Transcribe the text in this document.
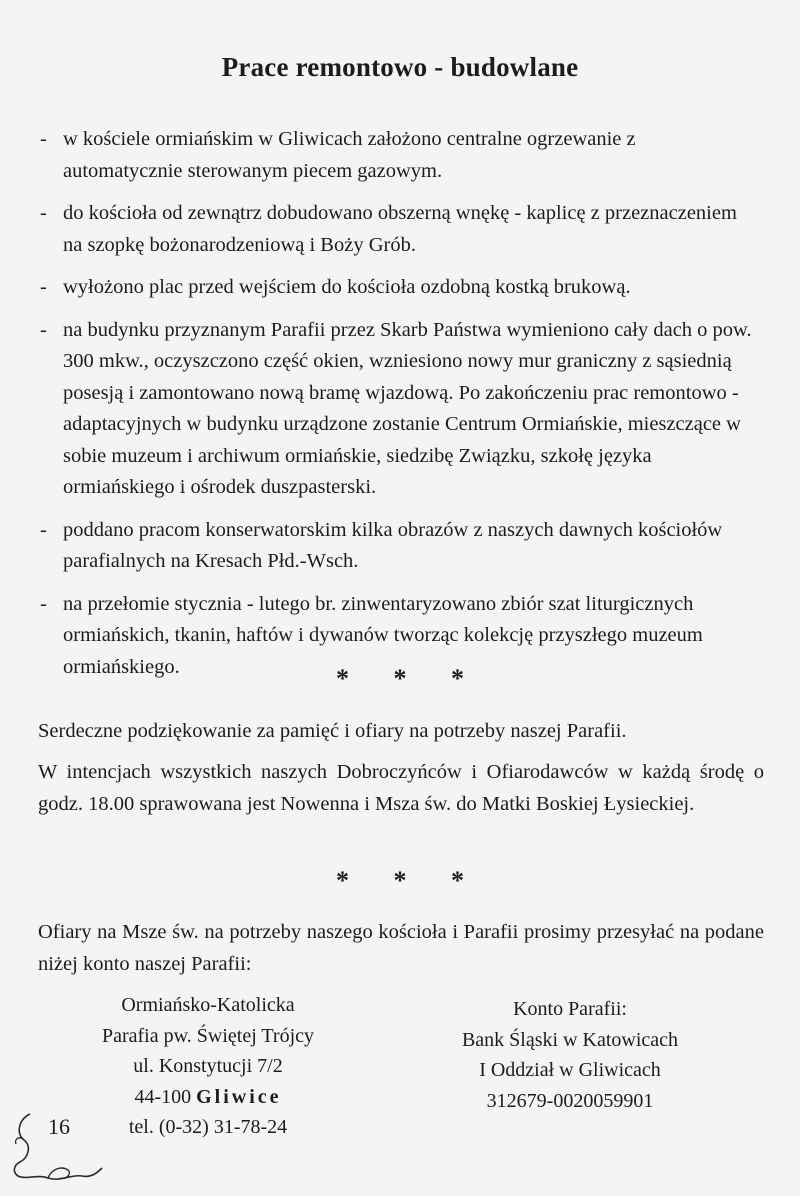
Prace remontowo - budowlane
- w kościele ormiańskim w Gliwicach założono centralne ogrzewanie z automatycznie sterowanym piecem gazowym.
- do kościoła od zewnątrz dobudowano obszerną wnękę - kaplicę z przeznaczeniem na szopkę bożonarodzeniową i Boży Grób.
- wyłożono plac przed wejściem do kościoła ozdobną kostką brukową.
- na budynku przyznanym Parafii przez Skarb Państwa wymieniono cały dach o pow. 300 mkw., oczyszczono część okien, wzniesiono nowy mur graniczny z sąsiednią posesją i zamontowano nową bramę wjazdową. Po zakończeniu prac remontowo - adaptacyjnych w budynku urządzone zostanie Centrum Ormiańskie, mieszczące w sobie muzeum i archiwum ormiańskie, siedzibę Związku, szkołę języka ormiańskiego i ośrodek duszpasterski.
- poddano pracom konserwatorskim kilka obrazów z naszych dawnych kościołów parafialnych na Kresach Płd.-Wsch.
- na przełomie stycznia - lutego br. zinwentaryzowano zbiór szat liturgicznych ormiańskich, tkanin, haftów i dywanów tworząc kolekcję przyszłego muzeum ormiańskiego.	* * *

Serdeczne podziękowanie za pamięć i ofiary na potrzeby naszej Parafii.

W intencjach wszystkich naszych Dobroczyńców i Ofiarodawców w każdą środę o godz. 18.00 sprawowana jest Nowenna i Msza św. do Matki Boskiej Łysieckiej.

* * *

Ofiary na Msze św. na potrzeby naszego kościoła i Parafii prosimy przesyłać na podane niżej konto naszej Parafii:

Ormiańsko-Katolicka
Parafia pw. Świętej Trójcy
ul. Konstytucji 7/2
44-100 Gliwice
tel. (0-32) 31-78-24
Konto Parafii:
Bank Śląski w Katowicach
I Oddział w Gliwicach
312679-0020059901
16
